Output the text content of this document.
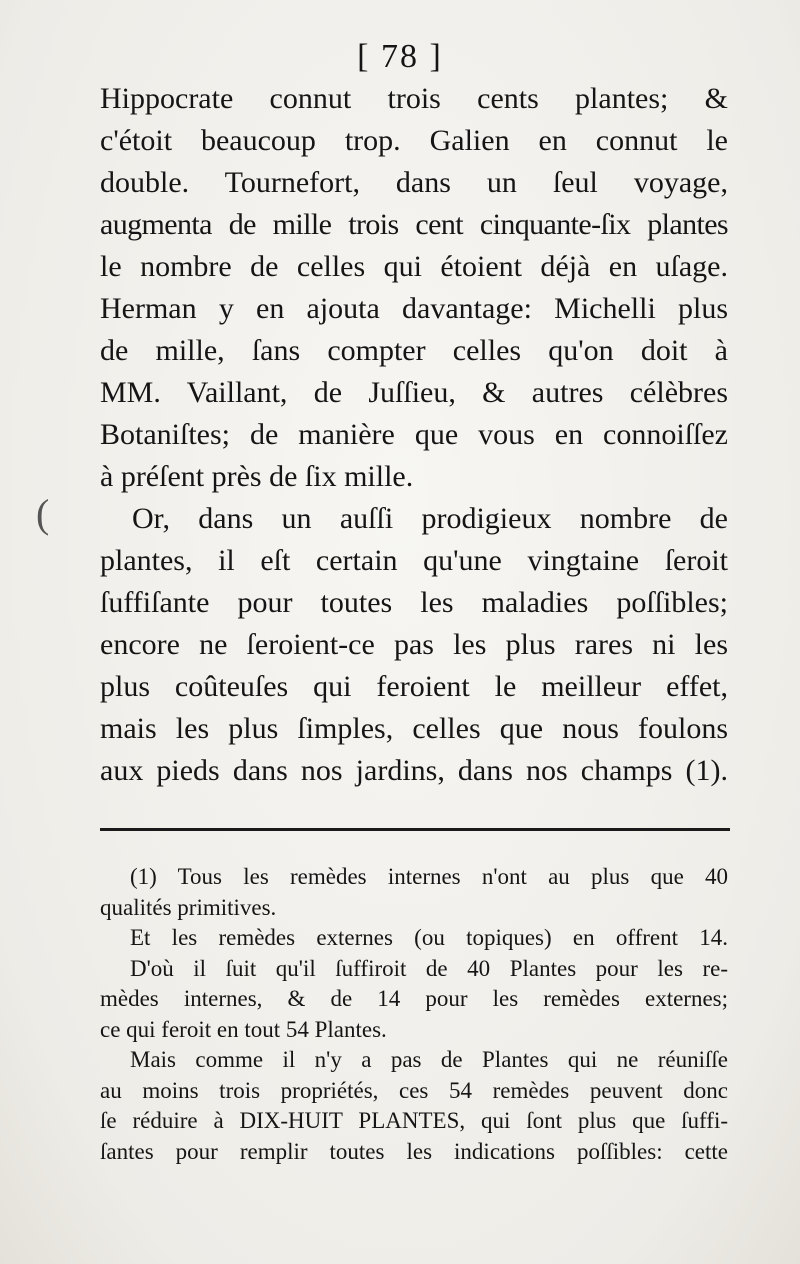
[ 78 ]

Hippocrate connut trois cents plantes; &
c'étoit beaucoup trop. Galien en connut le
double. Tournefort, dans un ſeul voyage,
augmenta de mille trois cent cinquante-ſix plantes
le nombre de celles qui étoient déjà en uſage.
Herman y en ajouta davantage: Michelli plus
de mille, ſans compter celles qu'on doit à
MM. Vaillant, de Juſſieu, & autres célèbres
Botaniſtes; de manière que vous en connoiſſez
à préſent près de ſix mille.

Or, dans un auſſi prodigieux nombre de
plantes, il eſt certain qu'une vingtaine ſeroit
ſuffiſante pour toutes les maladies poſſibles;
encore ne ſeroient-ce pas les plus rares ni les
plus coûteuſes qui feroient le meilleur effet,
mais les plus ſimples, celles que nous foulons
aux pieds dans nos jardins, dans nos champs (1).

(1) Tous les remèdes internes n'ont au plus que 40
qualités primitives.
Et les remèdes externes (ou topiques) en offrent 14.
D'où il ſuit qu'il ſuffiroit de 40 Plantes pour les re-
mèdes internes, & de 14 pour les remèdes externes;
ce qui feroit en tout 54 Plantes.
Mais comme il n'y a pas de Plantes qui ne réuniſſe
au moins trois propriétés, ces 54 remèdes peuvent donc
ſe réduire à DIX-HUIT PLANTES, qui ſont plus que ſuffi-
ſantes pour remplir toutes les indications poſſibles: cette
(
